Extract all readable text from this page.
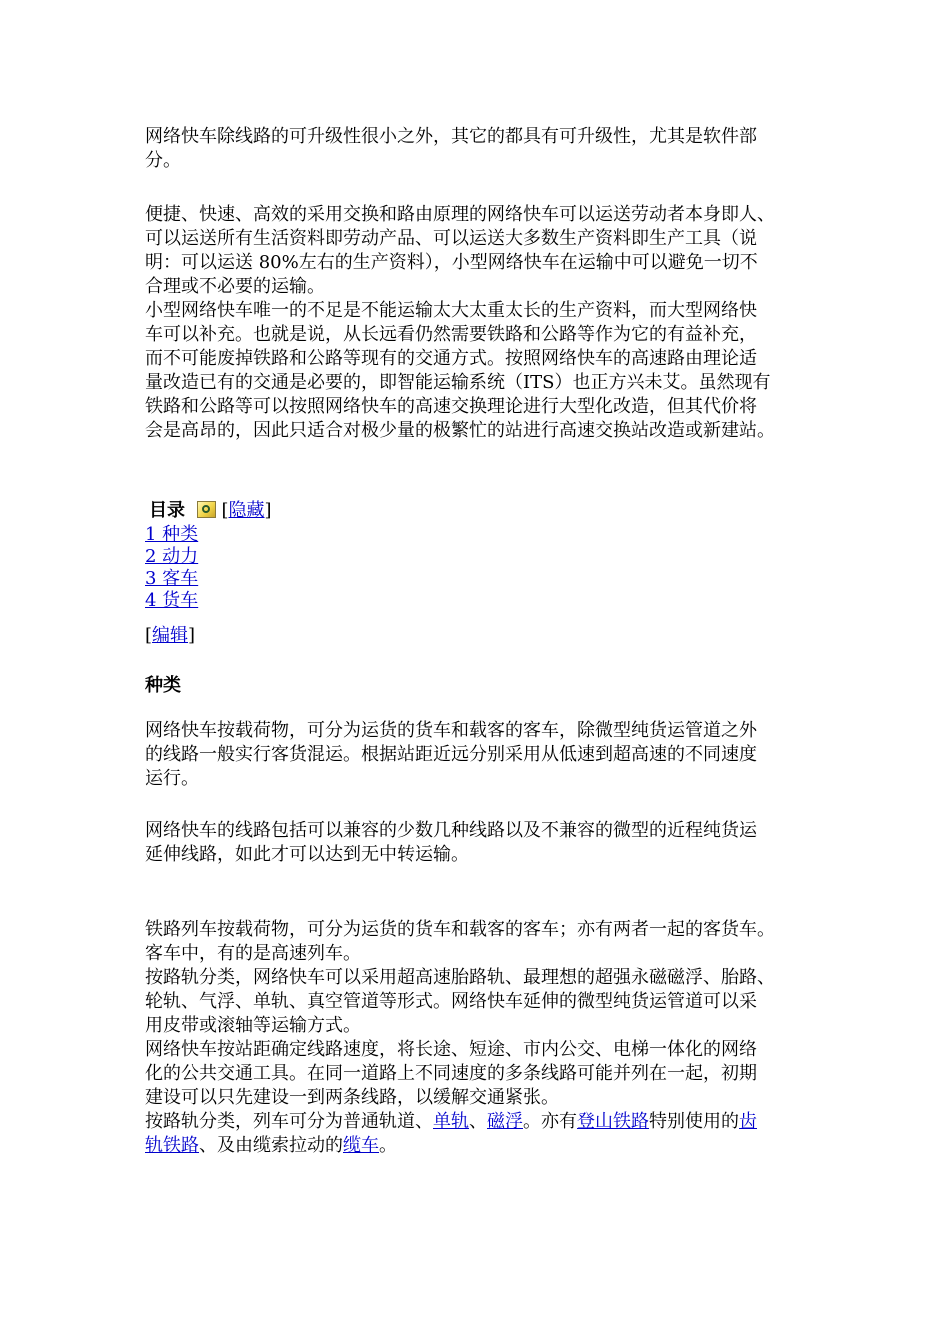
网络快车除线路的可升级性很小之外，其它的都具有可升级性，尤其是软件部
分。

便捷、快速、高效的采用交换和路由原理的网络快车可以运送劳动者本身即人、
可以运送所有生活资料即劳动产品、可以运送大多数生产资料即生产工具（说
明：可以运送 80%左右的生产资料），小型网络快车在运输中可以避免一切不
合理或不必要的运输。
小型网络快车唯一的不足是不能运输太大太重太长的生产资料，而大型网络快
车可以补充。也就是说，从长远看仍然需要铁路和公路等作为它的有益补充，
而不可能废掉铁路和公路等现有的交通方式。按照网络快车的高速路由理论适
量改造已有的交通是必要的，即智能运输系统（ITS）也正方兴未艾。虽然现有
铁路和公路等可以按照网络快车的高速交换理论进行大型化改造，但其代价将
会是高昂的，因此只适合对极少量的极繁忙的站进行高速交换站改造或新建站。

目录 [隐藏]
1 种类
2 动力
3 客车
4 货车
[编辑]
种类

网络快车按载荷物，可分为运货的货车和载客的客车，除微型纯货运管道之外
的线路一般实行客货混运。根据站距近远分别采用从低速到超高速的不同速度
运行。

网络快车的线路包括可以兼容的少数几种线路以及不兼容的微型的近程纯货运
延伸线路，如此才可以达到无中转运输。

铁路列车按载荷物，可分为运货的货车和载客的客车；亦有两者一起的客货车。
客车中，有的是高速列车。
按路轨分类，网络快车可以采用超高速胎路轨、最理想的超强永磁磁浮、胎路、
轮轨、气浮、单轨、真空管道等形式。网络快车延伸的微型纯货运管道可以采
用皮带或滚轴等运输方式。
网络快车按站距确定线路速度，将长途、短途、市内公交、电梯一体化的网络
化的公共交通工具。在同一道路上不同速度的多条线路可能并列在一起，初期
建设可以只先建设一到两条线路，以缓解交通紧张。
按路轨分类，列车可分为普通轨道、单轨、磁浮。亦有登山铁路特别使用的齿
轨铁路、及由缆索拉动的缆车。
